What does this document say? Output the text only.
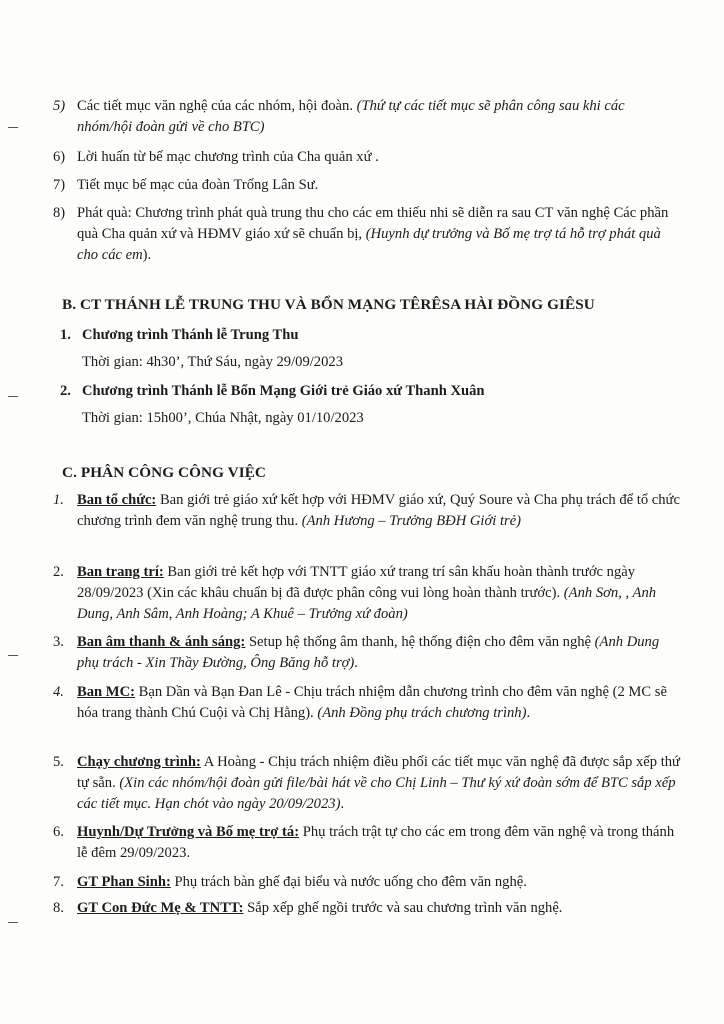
5) Các tiết mục văn nghệ của các nhóm, hội đoàn. (Thứ tự các tiết mục sẽ phân công sau khi các nhóm/hội đoàn gửi về cho BTC)
6) Lời huấn từ bế mạc chương trình của Cha quản xứ .
7) Tiết mục bế mạc của đoàn Trống Lân Sư.
8) Phát quà: Chương trình phát quà trung thu cho các em thiếu nhi sẽ diễn ra sau CT văn nghệ Các phần quà Cha quản xứ và HĐMV giáo xứ sẽ chuẩn bị, (Huynh dự trưởng và Bố mẹ trợ tá hỗ trợ phát quà cho các em).
B. CT THÁNH LỄ TRUNG THU VÀ BỔN MẠNG TÊRÊSA HÀI ĐỒNG GIÊSU
1. Chương trình Thánh lễ Trung Thu
Thời gian: 4h30’, Thứ Sáu, ngày 29/09/2023
2. Chương trình Thánh lễ Bổn Mạng Giới trẻ Giáo xứ Thanh Xuân
Thời gian: 15h00’, Chúa Nhật, ngày 01/10/2023
C. PHÂN CÔNG CÔNG VIỆC
1. Ban tổ chức: Ban giới trẻ giáo xứ kết hợp với HĐMV giáo xứ, Quý Soure và Cha phụ trách để tổ chức chương trình đem văn nghệ trung thu. (Anh Hương – Trưởng BĐH Giới trẻ)
2. Ban trang trí: Ban giới trẻ kết hợp với TNTT giáo xứ trang trí sân khấu hoàn thành trước ngày 28/09/2023 (Xin các khâu chuẩn bị đã được phân công vui lòng hoàn thành trước). (Anh Sơn, , Anh Dung, Anh Sâm, Anh Hoàng; A Khuê – Trưởng xứ đoàn)
3. Ban âm thanh & ánh sáng: Setup hệ thống âm thanh, hệ thống điện cho đêm văn nghệ (Anh Dung phụ trách - Xin Thầy Đường, Ông Băng hỗ trợ).
4. Ban MC: Bạn Dần và Bạn Đan Lê - Chịu trách nhiệm dẫn chương trình cho đêm văn nghệ (2 MC sẽ hóa trang thành Chú Cuội và Chị Hằng). (Anh Đồng phụ trách chương trình).
5. Chạy chương trình: A Hoàng - Chịu trách nhiệm điều phối các tiết mục văn nghệ đã được sắp xếp thứ tự sẵn. (Xin các nhóm/hội đoàn gửi file/bài hát về cho Chị Linh – Thư ký xứ đoàn sớm để BTC sắp xếp các tiết mục. Hạn chót vào ngày 20/09/2023).
6. Huynh/Dự Trưởng và Bố mẹ trợ tá: Phụ trách trật tự cho các em trong đêm văn nghệ và trong thánh lễ đêm 29/09/2023.
7. GT Phan Sinh: Phụ trách bàn ghế đại biểu và nước uống cho đêm văn nghệ.
8. GT Con Đức Mẹ & TNTT: Sắp xếp ghế ngồi trước và sau chương trình văn nghệ.
